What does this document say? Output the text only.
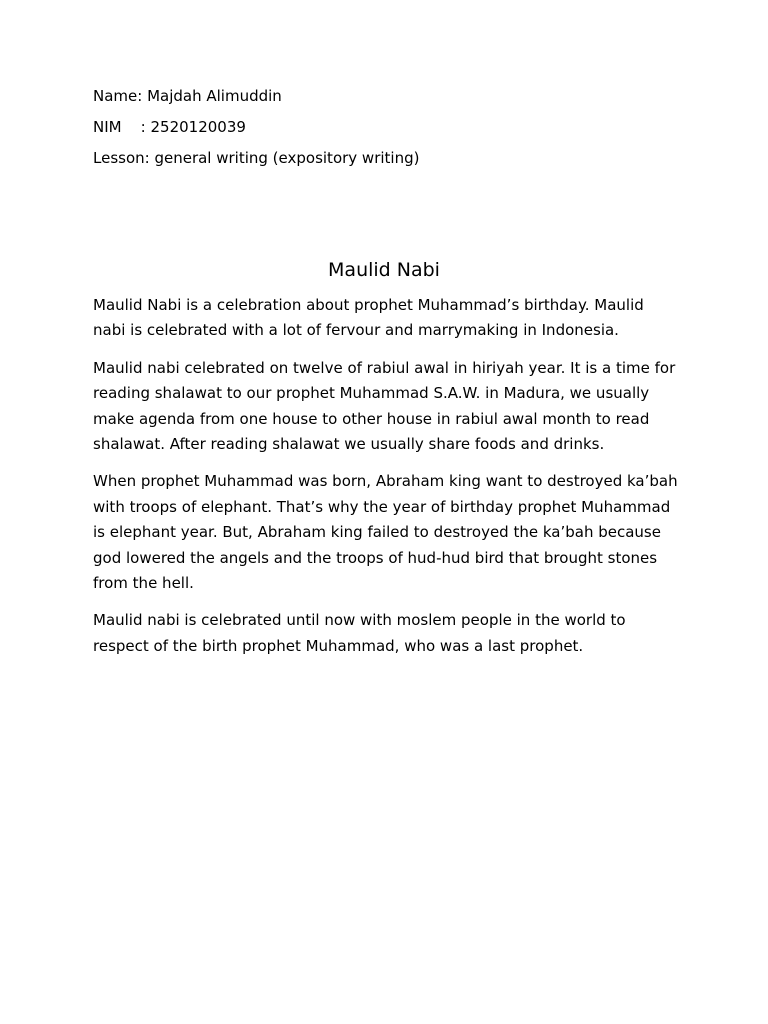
Name: Majdah Alimuddin
NIM    : 2520120039
Lesson: general writing (expository writing)
Maulid Nabi

Maulid Nabi is a celebration about prophet Muhammad’s birthday. Maulid nabi is celebrated with a lot of fervour and marrymaking in Indonesia.

Maulid nabi celebrated on twelve of rabiul awal in hiriyah year. It is a time for reading shalawat to our prophet Muhammad S.A.W. in Madura, we usually make agenda from one house to other house in rabiul awal month to read shalawat. After reading shalawat we usually share foods and drinks.

When prophet Muhammad was born, Abraham king want to destroyed ka’bah with troops of elephant. That’s why the year of birthday prophet Muhammad is elephant year. But, Abraham king failed to destroyed the ka’bah because god lowered the angels and the troops of hud-hud bird that brought stones from the hell.

Maulid nabi is celebrated until now with moslem people in the world to respect of the birth prophet Muhammad, who was a last prophet.
